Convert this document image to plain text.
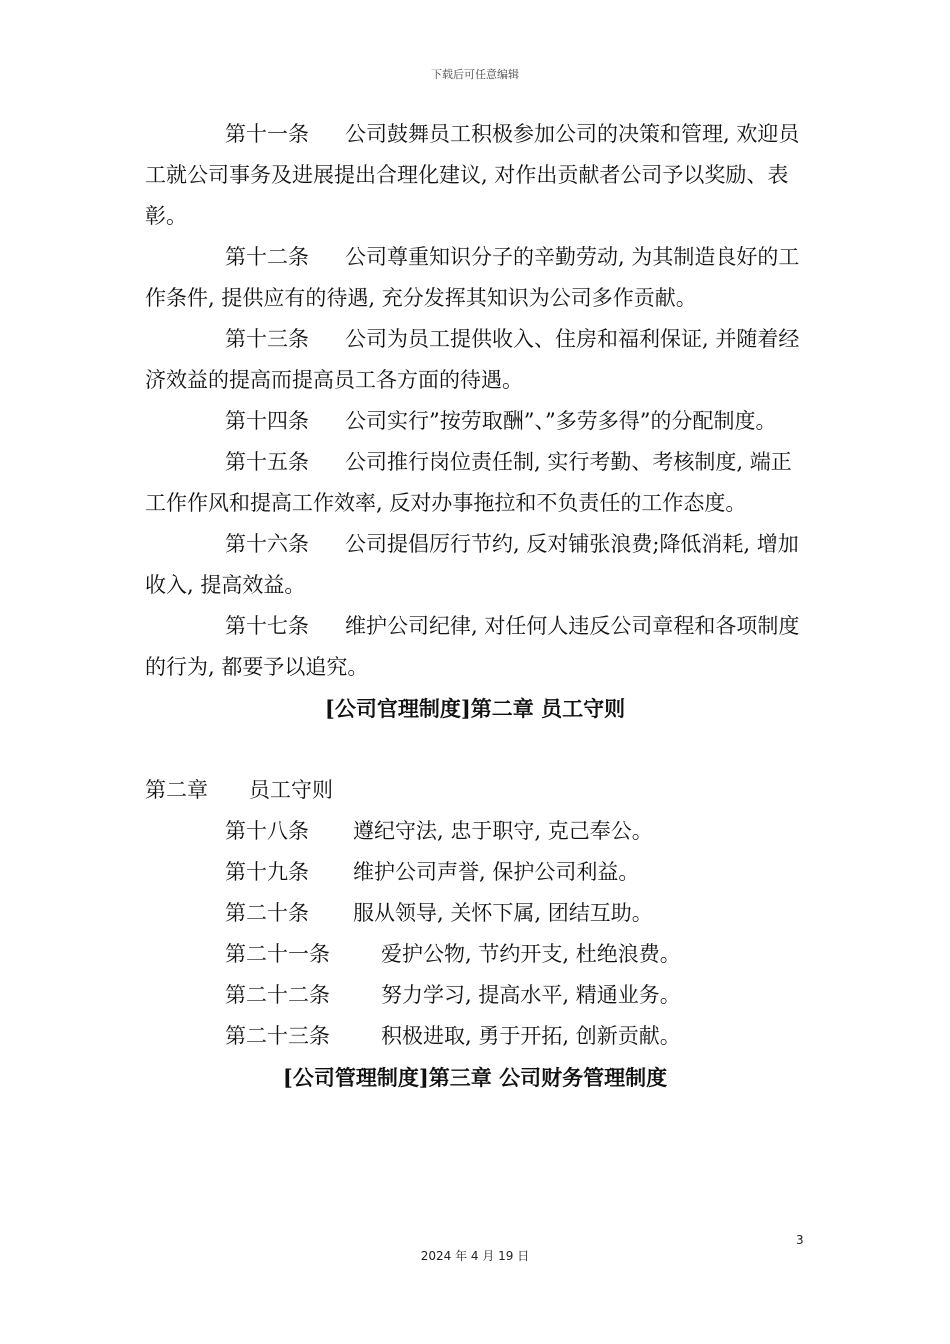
下载后可任意编辑

第十一条 公司鼓舞员工积极参加公司的决策和管理, 欢迎员工就公司事务及进展提出合理化建议, 对作出贡献者公司予以奖励、表彰。

第十二条 公司尊重知识分子的辛勤劳动, 为其制造良好的工作条件, 提供应有的待遇, 充分发挥其知识为公司多作贡献。

第十三条 公司为员工提供收入、住房和福利保证, 并随着经济效益的提高而提高员工各方面的待遇。

第十四条 公司实行”按劳取酬”、”多劳多得”的分配制度。

第十五条 公司推行岗位责任制, 实行考勤、考核制度, 端正工作作风和提高工作效率, 反对办事拖拉和不负责任的工作态度。

第十六条 公司提倡厉行节约, 反对铺张浪费;降低消耗, 增加收入, 提高效益。

第十七条 维护公司纪律, 对任何人违反公司章程和各项制度的行为, 都要予以追究。

[公司官理制度]第二章 员工守则

第二章 员工守则

第十八条 遵纪守法, 忠于职守, 克己奉公。

第十九条 维护公司声誉, 保护公司利益。

第二十条 服从领导, 关怀下属, 团结互助。

第二十一条 爱护公物, 节约开支, 杜绝浪费。

第二十二条 努力学习, 提高水平, 精通业务。

第二十三条 积极进取, 勇于开拓, 创新贡献。

[公司管理制度]第三章 公司财务管理制度

3
2024 年 4 月 19 日
